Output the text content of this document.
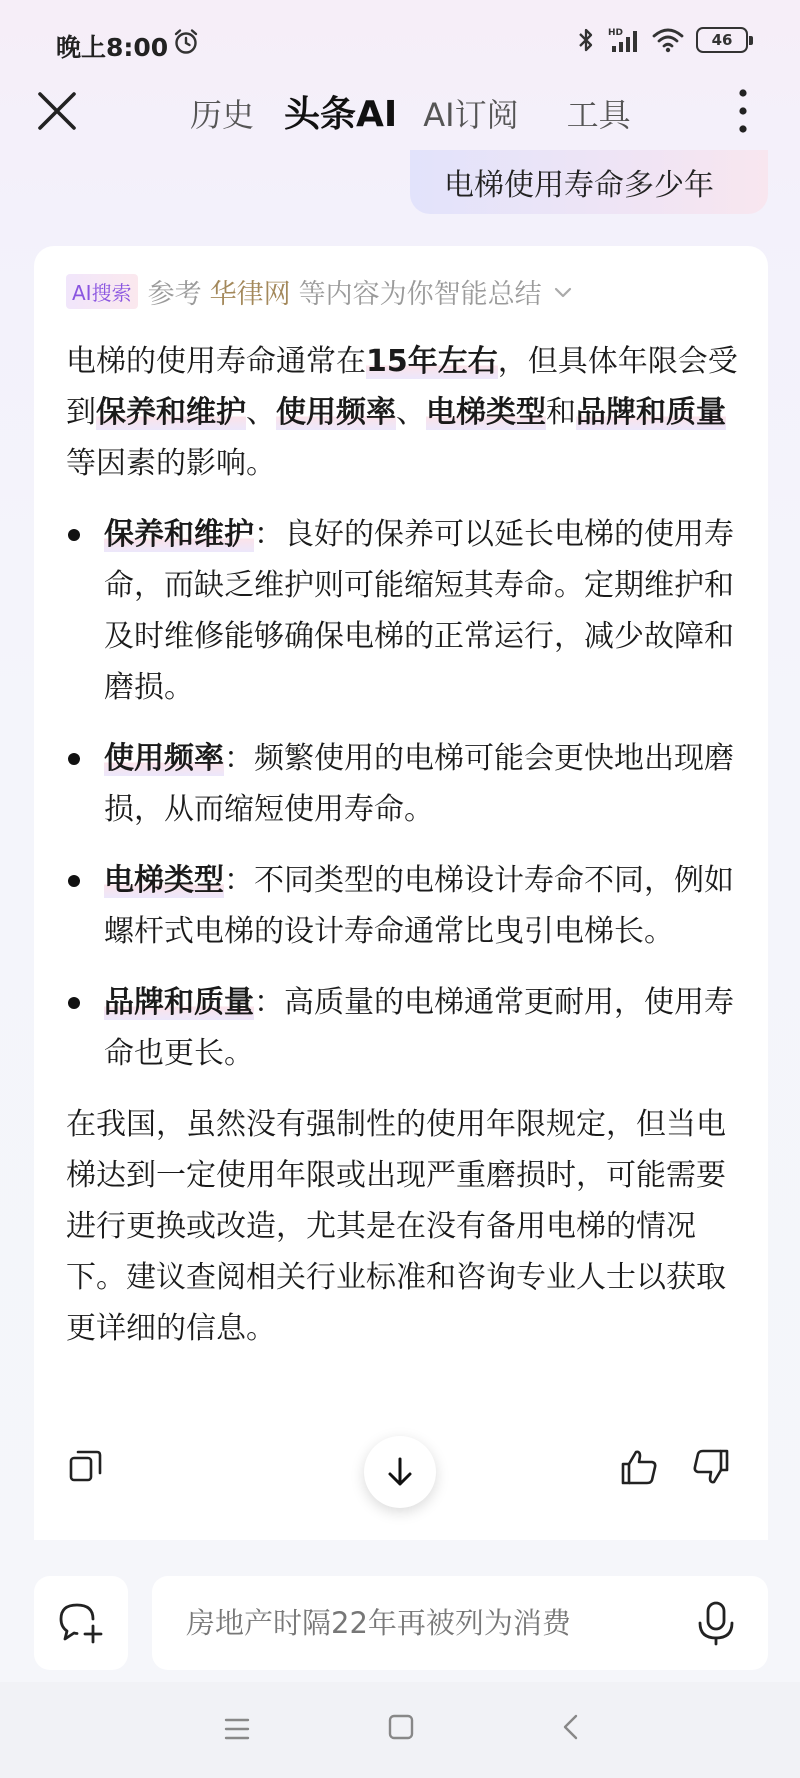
晚上8:00	HD	46
历史 头条AI AI订阅 工具
电梯使用寿命多少年
AI搜索 参考 华律网 等内容为你智能总结

电梯的使用寿命通常在15年左右，但具体年限会受到保养和维护、使用频率、电梯类型和品牌和质量等因素的影响。

保养和维护：良好的保养可以延长电梯的使用寿命，而缺乏维护则可能缩短其寿命。定期维护和及时维修能够确保电梯的正常运行，减少故障和磨损。
使用频率：频繁使用的电梯可能会更快地出现磨损，从而缩短使用寿命。
电梯类型：不同类型的电梯设计寿命不同，例如螺杆式电梯的设计寿命通常比曳引电梯长。
品牌和质量：高质量的电梯通常更耐用，使用寿命也更长。

在我国，虽然没有强制性的使用年限规定，但当电梯达到一定使用年限或出现严重磨损时，可能需要进行更换或改造，尤其是在没有备用电梯的情况下。建议查阅相关行业标准和咨询专业人士以获取更详细的信息。

房地产时隔22年再被列为消费
